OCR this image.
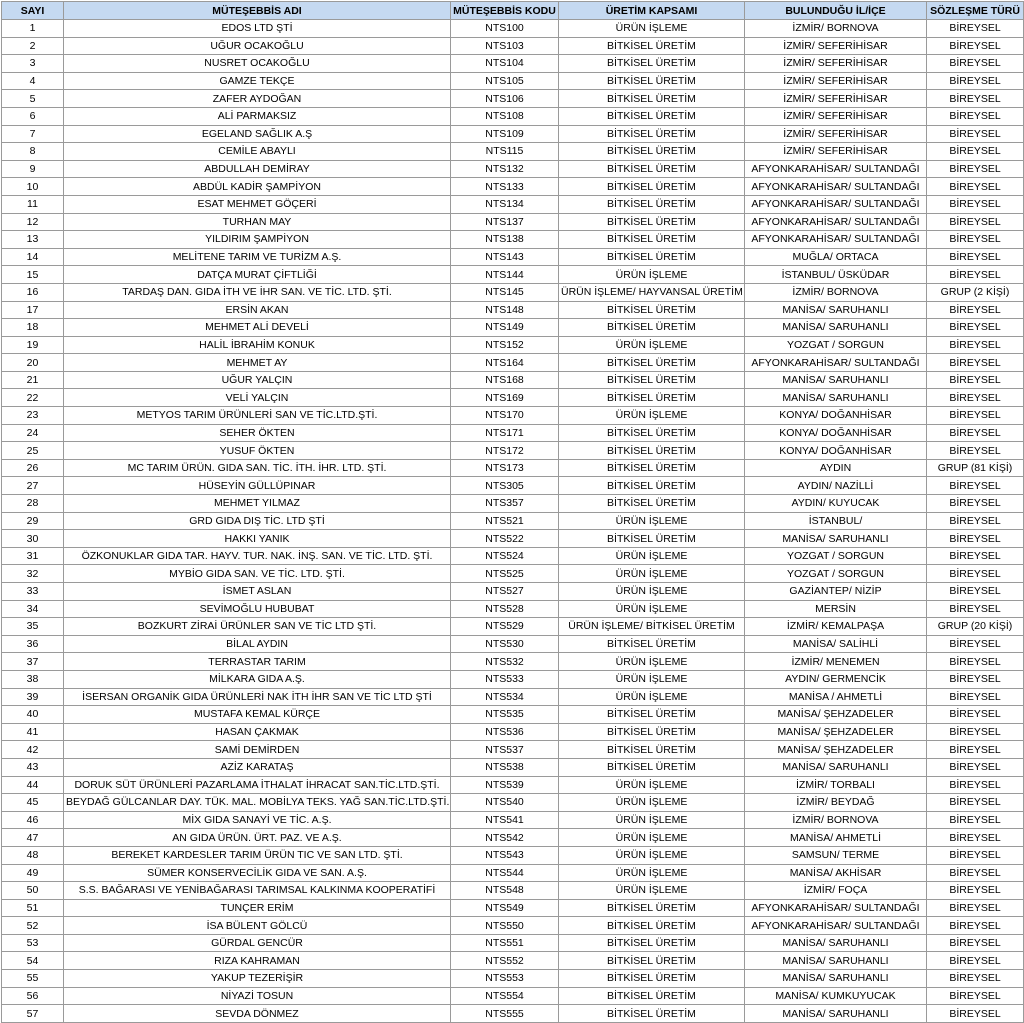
SAYI	MÜTEŞEBBİS ADI	MÜTEŞEBBİS KODU	ÜRETİM KAPSAMI	BULUNDUĞU İL/İÇE	SÖZLEŞME TÜRÜ
1	EDOS LTD ŞTİ	NTS100	ÜRÜN İŞLEME	İZMİR/ BORNOVA	BİREYSEL
2	UĞUR OCAKOĞLU	NTS103	BİTKİSEL ÜRETİM	İZMİR/ SEFERİHİSAR	BİREYSEL
3	NUSRET OCAKOĞLU	NTS104	BİTKİSEL ÜRETİM	İZMİR/ SEFERİHİSAR	BİREYSEL
4	GAMZE TEKÇE	NTS105	BİTKİSEL ÜRETİM	İZMİR/ SEFERİHİSAR	BİREYSEL
5	ZAFER AYDOĞAN	NTS106	BİTKİSEL ÜRETİM	İZMİR/ SEFERİHİSAR	BİREYSEL
6	ALİ PARMAKSIZ	NTS108	BİTKİSEL ÜRETİM	İZMİR/ SEFERİHİSAR	BİREYSEL
7	EGELAND SAĞLIK A.Ş	NTS109	BİTKİSEL ÜRETİM	İZMİR/ SEFERİHİSAR	BİREYSEL
8	CEMİLE ABAYLI	NTS115	BİTKİSEL ÜRETİM	İZMİR/ SEFERİHİSAR	BİREYSEL
9	ABDULLAH DEMİRAY	NTS132	BİTKİSEL ÜRETİM	AFYONKARAHİSAR/ SULTANDAĞI	BİREYSEL
10	ABDÜL KADİR ŞAMPİYON	NTS133	BİTKİSEL ÜRETİM	AFYONKARAHİSAR/ SULTANDAĞI	BİREYSEL
11	ESAT MEHMET GÖÇERİ	NTS134	BİTKİSEL ÜRETİM	AFYONKARAHİSAR/ SULTANDAĞI	BİREYSEL
12	TURHAN MAY	NTS137	BİTKİSEL ÜRETİM	AFYONKARAHİSAR/ SULTANDAĞI	BİREYSEL
13	YILDIRIM ŞAMPİYON	NTS138	BİTKİSEL ÜRETİM	AFYONKARAHİSAR/ SULTANDAĞI	BİREYSEL
14	MELİTENE TARIM VE TURİZM A.Ş.	NTS143	BİTKİSEL ÜRETİM	MUĞLA/ ORTACA	BİREYSEL
15	DATÇA MURAT ÇİFTLİĞİ	NTS144	ÜRÜN İŞLEME	İSTANBUL/ ÜSKÜDAR	BİREYSEL
16	TARDAŞ DAN. GIDA İTH VE İHR SAN. VE TİC. LTD. ŞTİ.	NTS145	ÜRÜN İŞLEME/ HAYVANSAL ÜRETİM	İZMİR/ BORNOVA	GRUP (2 KİŞİ)
17	ERSİN AKAN	NTS148	BİTKİSEL ÜRETİM	MANİSA/ SARUHANLI	BİREYSEL
18	MEHMET ALİ DEVELİ	NTS149	BİTKİSEL ÜRETİM	MANİSA/ SARUHANLI	BİREYSEL
19	HALİL İBRAHİM KONUK	NTS152	ÜRÜN İŞLEME	YOZGAT / SORGUN	BİREYSEL
20	MEHMET AY	NTS164	BİTKİSEL ÜRETİM	AFYONKARAHİSAR/ SULTANDAĞI	BİREYSEL
21	UĞUR YALÇIN	NTS168	BİTKİSEL ÜRETİM	MANİSA/ SARUHANLI	BİREYSEL
22	VELİ YALÇIN	NTS169	BİTKİSEL ÜRETİM	MANİSA/ SARUHANLI	BİREYSEL
23	METYOS TARIM ÜRÜNLERİ SAN VE TİC.LTD.ŞTİ.	NTS170	ÜRÜN İŞLEME	KONYA/ DOĞANHİSAR	BİREYSEL
24	SEHER ÖKTEN	NTS171	BİTKİSEL ÜRETİM	KONYA/ DOĞANHİSAR	BİREYSEL
25	YUSUF ÖKTEN	NTS172	BİTKİSEL ÜRETİM	KONYA/ DOĞANHİSAR	BİREYSEL
26	MC TARIM ÜRÜN. GIDA SAN. TİC. İTH. İHR. LTD. ŞTİ.	NTS173	BİTKİSEL ÜRETİM	AYDIN	GRUP (81 KİŞİ)
27	HÜSEYİN GÜLLÜPINAR	NTS305	BİTKİSEL ÜRETİM	AYDIN/ NAZİLLİ	BİREYSEL
28	MEHMET YILMAZ	NTS357	BİTKİSEL ÜRETİM	AYDIN/ KUYUCAK	BİREYSEL
29	GRD GIDA DIŞ TİC. LTD ŞTİ	NTS521	ÜRÜN İŞLEME	İSTANBUL/	BİREYSEL
30	HAKKI YANIK	NTS522	BİTKİSEL ÜRETİM	MANİSA/ SARUHANLI	BİREYSEL
31	ÖZKONUKLAR GIDA TAR. HAYV. TUR. NAK. İNŞ. SAN. VE TİC. LTD. ŞTİ.	NTS524	ÜRÜN İŞLEME	YOZGAT / SORGUN	BİREYSEL
32	MYBİO GIDA SAN. VE TİC. LTD. ŞTİ.	NTS525	ÜRÜN İŞLEME	YOZGAT / SORGUN	BİREYSEL
33	İSMET ASLAN	NTS527	ÜRÜN İŞLEME	GAZİANTEP/ NİZİP	BİREYSEL
34	SEVİMOĞLU HUBUBAT	NTS528	ÜRÜN İŞLEME	MERSİN	BİREYSEL
35	BOZKURT ZİRAİ ÜRÜNLER SAN VE TİC LTD ŞTİ.	NTS529	ÜRÜN İŞLEME/ BİTKİSEL ÜRETİM	İZMİR/ KEMALPAŞA	GRUP (20 KİŞİ)
36	BİLAL AYDIN	NTS530	BİTKİSEL ÜRETİM	MANİSA/ SALİHLİ	BİREYSEL
37	TERRASTAR TARIM	NTS532	ÜRÜN İŞLEME	İZMİR/ MENEMEN	BİREYSEL
38	MİLKARA GIDA A.Ş.	NTS533	ÜRÜN İŞLEME	AYDIN/ GERMENCİK	BİREYSEL
39	İSERSAN ORGANİK GIDA ÜRÜNLERİ NAK İTH İHR SAN VE TİC LTD ŞTİ	NTS534	ÜRÜN İŞLEME	MANİSA / AHMETLİ	BİREYSEL
40	MUSTAFA KEMAL KÜRÇE	NTS535	BİTKİSEL ÜRETİM	MANİSA/ ŞEHZADELER	BİREYSEL
41	HASAN ÇAKMAK	NTS536	BİTKİSEL ÜRETİM	MANİSA/ ŞEHZADELER	BİREYSEL
42	SAMİ DEMİRDEN	NTS537	BİTKİSEL ÜRETİM	MANİSA/ ŞEHZADELER	BİREYSEL
43	AZİZ KARATAŞ	NTS538	BİTKİSEL ÜRETİM	MANİSA/ SARUHANLI	BİREYSEL
44	DORUK SÜT ÜRÜNLERİ PAZARLAMA İTHALAT İHRACAT SAN.TİC.LTD.ŞTİ.	NTS539	ÜRÜN İŞLEME	İZMİR/ TORBALI	BİREYSEL
45	BEYDAĞ GÜLCANLAR DAY. TÜK. MAL. MOBİLYA TEKS. YAĞ SAN.TİC.LTD.ŞTİ.	NTS540	ÜRÜN İŞLEME	İZMİR/ BEYDAĞ	BİREYSEL
46	MİX GIDA SANAYİ VE TİC. A.Ş.	NTS541	ÜRÜN İŞLEME	İZMİR/ BORNOVA	BİREYSEL
47	AN GIDA ÜRÜN. ÜRT. PAZ. VE A.Ş.	NTS542	ÜRÜN İŞLEME	MANİSA/ AHMETLİ	BİREYSEL
48	BEREKET KARDESLER TARIM ÜRÜN TIC VE SAN LTD. ŞTİ.	NTS543	ÜRÜN İŞLEME	SAMSUN/ TERME	BİREYSEL
49	SÜMER KONSERVECİLİK GIDA VE SAN. A.Ş.	NTS544	ÜRÜN İŞLEME	MANİSA/ AKHİSAR	BİREYSEL
50	S.S. BAĞARASI VE YENİBAĞARASI TARIMSAL KALKINMA KOOPERATİFİ	NTS548	ÜRÜN İŞLEME	İZMİR/ FOÇA	BİREYSEL
51	TUNÇER ERİM	NTS549	BİTKİSEL ÜRETİM	AFYONKARAHİSAR/ SULTANDAĞI	BİREYSEL
52	İSA BÜLENT GÖLCÜ	NTS550	BİTKİSEL ÜRETİM	AFYONKARAHİSAR/ SULTANDAĞI	BİREYSEL
53	GÜRDAL GENCÜR	NTS551	BİTKİSEL ÜRETİM	MANİSA/ SARUHANLI	BİREYSEL
54	RIZA KAHRAMAN	NTS552	BİTKİSEL ÜRETİM	MANİSA/ SARUHANLI	BİREYSEL
55	YAKUP TEZERİŞİR	NTS553	BİTKİSEL ÜRETİM	MANİSA/ SARUHANLI	BİREYSEL
56	NİYAZİ TOSUN	NTS554	BİTKİSEL ÜRETİM	MANİSA/ KUMKUYUCAK	BİREYSEL
57	SEVDA DÖNMEZ	NTS555	BİTKİSEL ÜRETİM	MANİSA/ SARUHANLI	BİREYSEL
